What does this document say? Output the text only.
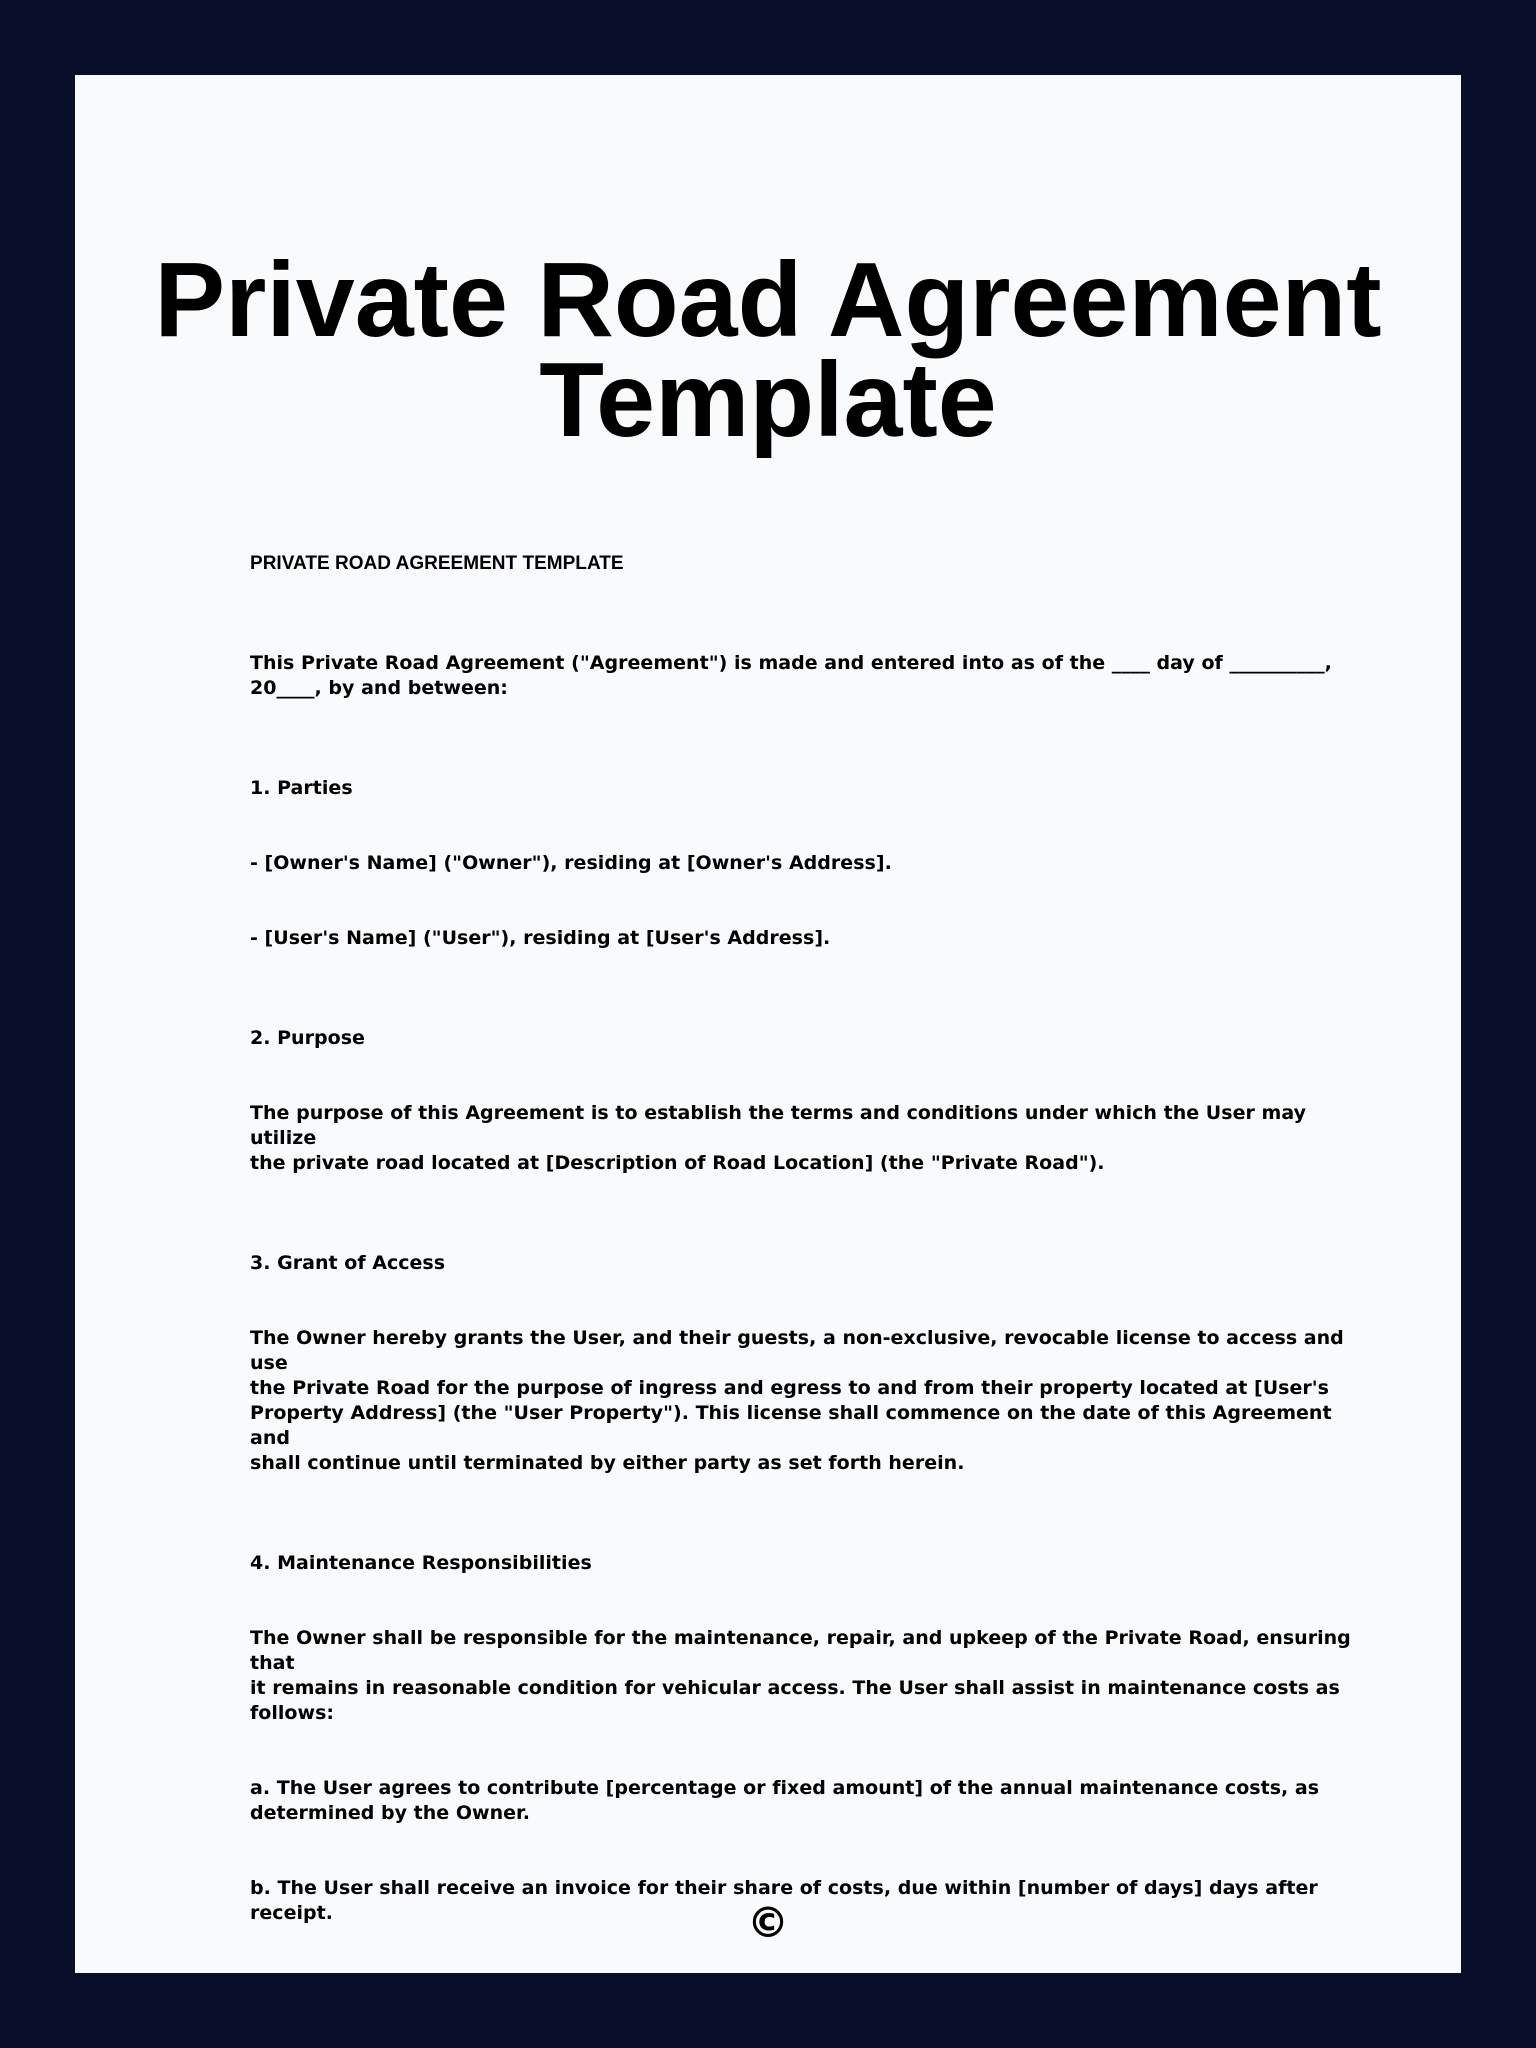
Private Road Agreement
Template

PRIVATE ROAD AGREEMENT TEMPLATE

This Private Road Agreement ("Agreement") is made and entered into as of the ____ day of __________,
20____, by and between:

1. Parties

- [Owner's Name] ("Owner"), residing at [Owner's Address].

- [User's Name] ("User"), residing at [User's Address].

2. Purpose

The purpose of this Agreement is to establish the terms and conditions under which the User may utilize
the private road located at [Description of Road Location] (the "Private Road").

3. Grant of Access

The Owner hereby grants the User, and their guests, a non-exclusive, revocable license to access and use
the Private Road for the purpose of ingress and egress to and from their property located at [User's
Property Address] (the "User Property"). This license shall commence on the date of this Agreement and
shall continue until terminated by either party as set forth herein.

4. Maintenance Responsibilities

The Owner shall be responsible for the maintenance, repair, and upkeep of the Private Road, ensuring that
it remains in reasonable condition for vehicular access. The User shall assist in maintenance costs as
follows:

a. The User agrees to contribute [percentage or fixed amount] of the annual maintenance costs, as
determined by the Owner.

b. The User shall receive an invoice for their share of costs, due within [number of days] days after receipt.	©
